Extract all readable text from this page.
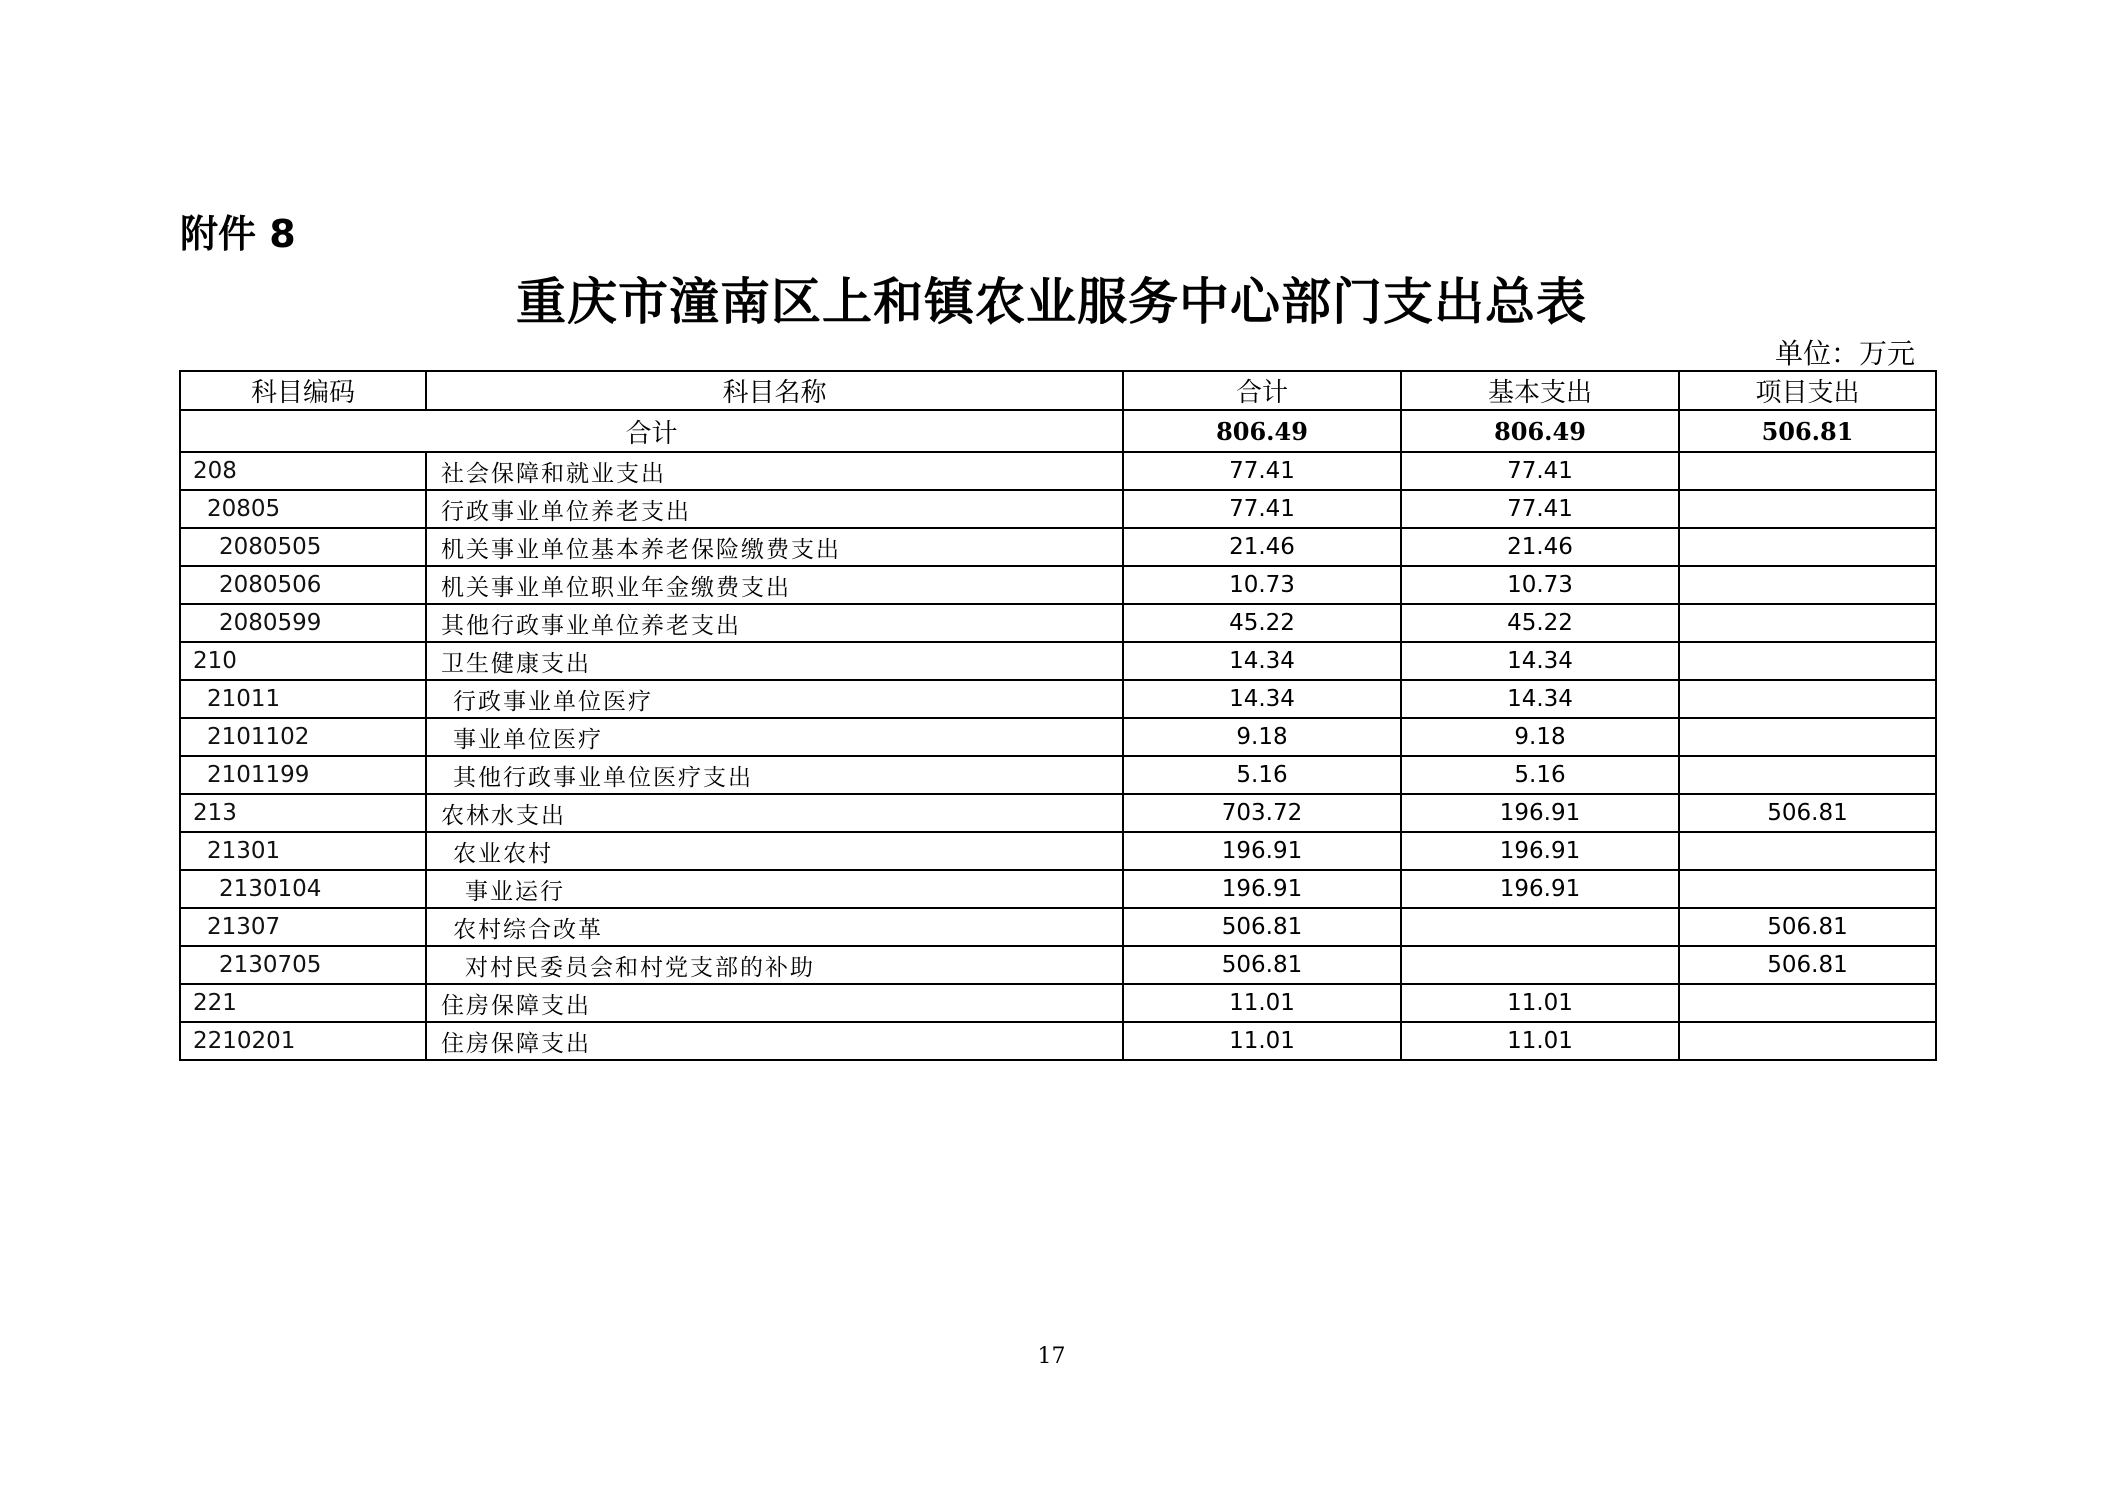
附件 8
重庆市潼南区上和镇农业服务中心部门支出总表
单位：万元
科目编码	科目名称	合计	基本支出	项目支出
合计		806.49	806.49	506.81
208	社会保障和就业支出	77.41	77.41	
20805	行政事业单位养老支出	77.41	77.41	
2080505	机关事业单位基本养老保险缴费支出	21.46	21.46	
2080506	机关事业单位职业年金缴费支出	10.73	10.73	
2080599	其他行政事业单位养老支出	45.22	45.22	
210	卫生健康支出	14.34	14.34	
21011	行政事业单位医疗	14.34	14.34	
2101102	事业单位医疗	9.18	9.18	
2101199	其他行政事业单位医疗支出	5.16	5.16	
213	农林水支出	703.72	196.91	506.81
21301	农业农村	196.91	196.91	
2130104	事业运行	196.91	196.91	
21307	农村综合改革	506.81		506.81
2130705	对村民委员会和村党支部的补助	506.81		506.81
221	住房保障支出	11.01	11.01	
2210201	住房保障支出	11.01	11.01	
17
